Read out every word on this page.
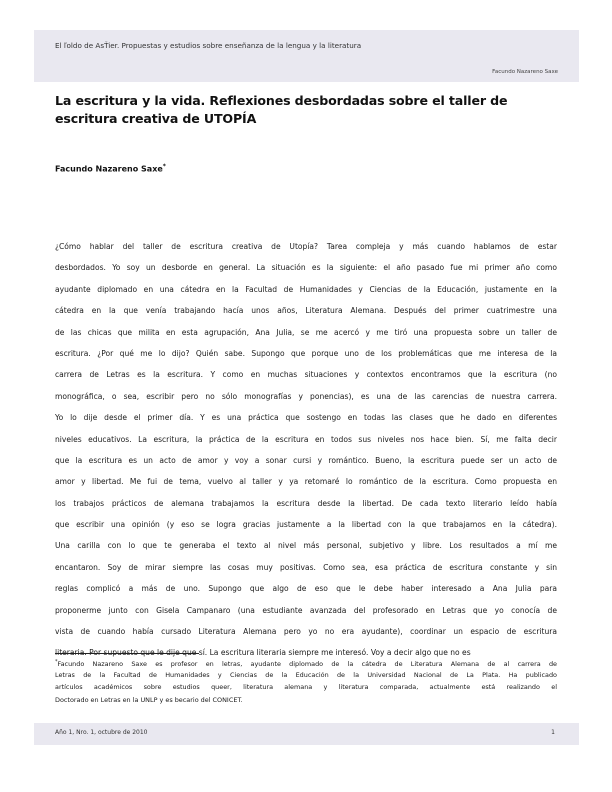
El ľoldo de AsŤier. Propuestas y estudios sobre enseñanza de la lengua y la literatura
Facundo Nazareno Saxe
La escritura y la vida. Reflexiones desbordadas sobre el taller de escritura creativa de UTOPÍA
Facundo Nazareno Saxe*
¿Cómo hablar del taller de escritura creativa de Utopía? Tarea compleja y más cuando hablamos de estar
desbordados. Yo soy un desborde en general. La situación es la siguiente: el año pasado fue mi primer año como
ayudante diplomado en una cátedra en la Facultad de Humanidades y Ciencias de la Educación, justamente en la
cátedra en la que venía trabajando hacía unos años, Literatura Alemana. Después del primer cuatrimestre una
de las chicas que milita en esta agrupación, Ana Julia, se me acercó y me tiró una propuesta sobre un taller de
escritura. ¿Por qué me lo dijo? Quién sabe. Supongo que porque uno de los problemáticas que me interesa de la
carrera de Letras es la escritura. Y como en muchas situaciones y contextos encontramos que la escritura (no
monográfica, o sea, escribir pero no sólo monografías y ponencias), es una de las carencias de nuestra carrera.
Yo lo dije desde el primer día. Y es una práctica que sostengo en todas las clases que he dado en diferentes
niveles educativos. La escritura, la práctica de la escritura en todos sus niveles nos hace bien. Sí, me falta decir
que la escritura es un acto de amor y voy a sonar cursi y romántico. Bueno, la escritura puede ser un acto de
amor y libertad. Me fui de tema, vuelvo al taller y ya retomaré lo romántico de la escritura. Como propuesta en
los trabajos prácticos de alemana trabajamos la escritura desde la libertad. De cada texto literario leído había
que escribir una opinión (y eso se logra gracias justamente a la libertad con la que trabajamos en la cátedra).
Una carilla con lo que te generaba el texto al nivel más personal, subjetivo y libre. Los resultados a mí me
encantaron. Soy de mirar siempre las cosas muy positivas. Como sea, esa práctica de escritura constante y sin
reglas complicó a más de uno. Supongo que algo de eso que le debe haber interesado a Ana Julia para
proponerme junto con Gisela Campanaro (una estudiante avanzada del profesorado en Letras que yo conocía de
vista de cuando había cursado Literatura Alemana pero yo no era ayudante), coordinar un espacio de escritura
literaria. Por supuesto que le dije que sí. La escritura literaria siempre me interesó. Voy a decir algo que no es
*Facundo Nazareno Saxe es profesor en letras, ayudante diplomado de la cátedra de Literatura Alemana de al carrera de
Letras de la Facultad de Humanidades y Ciencias de la Educación de la Universidad Nacional de La Plata. Ha publicado
artículos académicos sobre estudios queer, literatura alemana y literatura comparada, actualmente está realizando el
Doctorado en Letras en la UNLP y es becario del CONICET.
Año 1, Nro. 1, octubre de 2010	1
